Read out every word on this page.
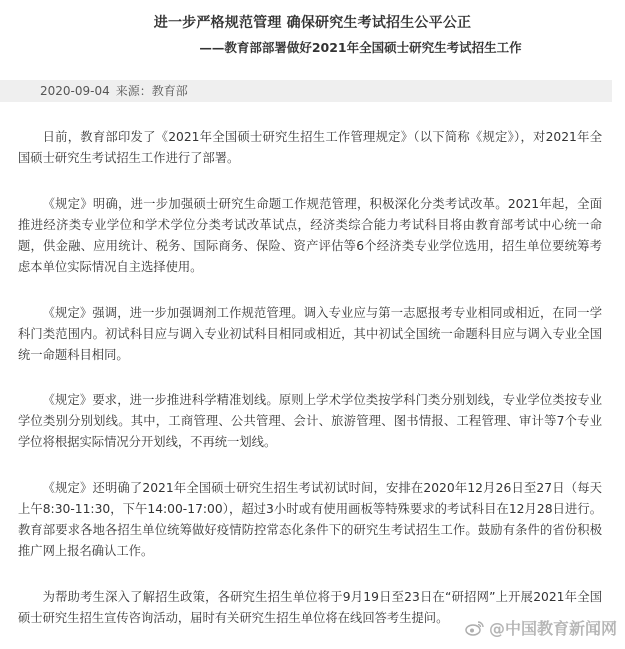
进一步严格规范管理 确保研究生考试招生公平公正
——教育部部署做好2021年全国硕士研究生考试招生工作
2020-09-04 来源：教育部
日前，教育部印发了《2021年全国硕士研究生招生工作管理规定》（以下简称《规定》），对2021年全国硕士研究生考试招生工作进行了部署。
《规定》明确，进一步加强硕士研究生命题工作规范管理，积极深化分类考试改革。2021年起，全面推进经济类专业学位和学术学位分类考试改革试点，经济类综合能力考试科目将由教育部考试中心统一命题，供金融、应用统计、税务、国际商务、保险、资产评估等6个经济类专业学位选用，招生单位要统筹考虑本单位实际情况自主选择使用。
《规定》强调，进一步加强调剂工作规范管理。调入专业应与第一志愿报考专业相同或相近，在同一学科门类范围内。初试科目应与调入专业初试科目相同或相近，其中初试全国统一命题科目应与调入专业全国统一命题科目相同。
《规定》要求，进一步推进科学精准划线。原则上学术学位类按学科门类分别划线，专业学位类按专业学位类别分别划线。其中，工商管理、公共管理、会计、旅游管理、图书情报、工程管理、审计等7个专业学位将根据实际情况分开划线，不再统一划线。
《规定》还明确了2021年全国硕士研究生招生考试初试时间，安排在2020年12月26日至27日（每天上午8:30-11:30，下午14:00-17:00），超过3小时或有使用画板等特殊要求的考试科目在12月28日进行。教育部要求各地各招生单位统筹做好疫情防控常态化条件下的研究生考试招生工作。鼓励有条件的省份积极推广网上报名确认工作。
为帮助考生深入了解招生政策，各研究生招生单位将于9月19日至23日在“研招网”上开展2021年全国硕士研究生招生宣传咨询活动，届时有关研究生招生单位将在线回答考生提问。
@中国教育新闻网
